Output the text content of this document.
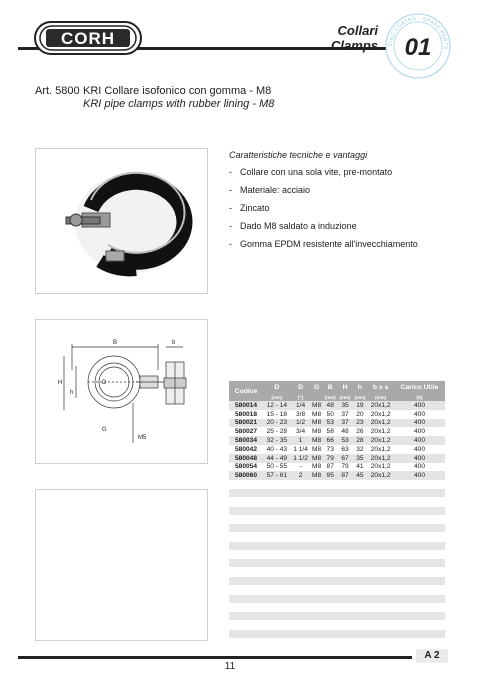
CORH	Collari
Clamps ZINC COATED · SPARE PARTS
01
Art. 5800 KRI Collare isofonico con gomma - M8
KRI pipe clamps with rubber lining - M8
B	b
D
H
h
G
M5
Caratteristiche tecniche e vantaggi
- Collare con una sola vite, pre-montato
- Materiale: acciaio
- Zincato
- Dado M8 saldato a induzione
- Gomma EPDM resistente all'invecchiamento
Codice	D	D	G	B	H	h	b x s	Carico Utile
	(mm)	(")		(mm)	(mm)	(mm)	(mm)	(N)
580014	12 - 14	1/4	M8	48	35	19	20x1,2	400
580018	15 - 18	3/8	M8	50	37	20	20x1,2	400
580021	20 - 23	1/2	M8	53	37	23	20x1,2	400
580027	25 - 28	3/4	M8	58	48	26	20x1,2	400
580034	32 - 35	1	M8	66	53	28	20x1,2	400
580042	40 - 43	1 1/4	M8	73	63	32	20x1,2	400
580048	44 - 49	1 1/2	M8	79	67	35	20x1,2	400
580054	50 - 55	-	M8	87	79	41	20x1,2	400
580060	57 - 61	2	M8	95	87	45	20x1,2	400
A 2
11
